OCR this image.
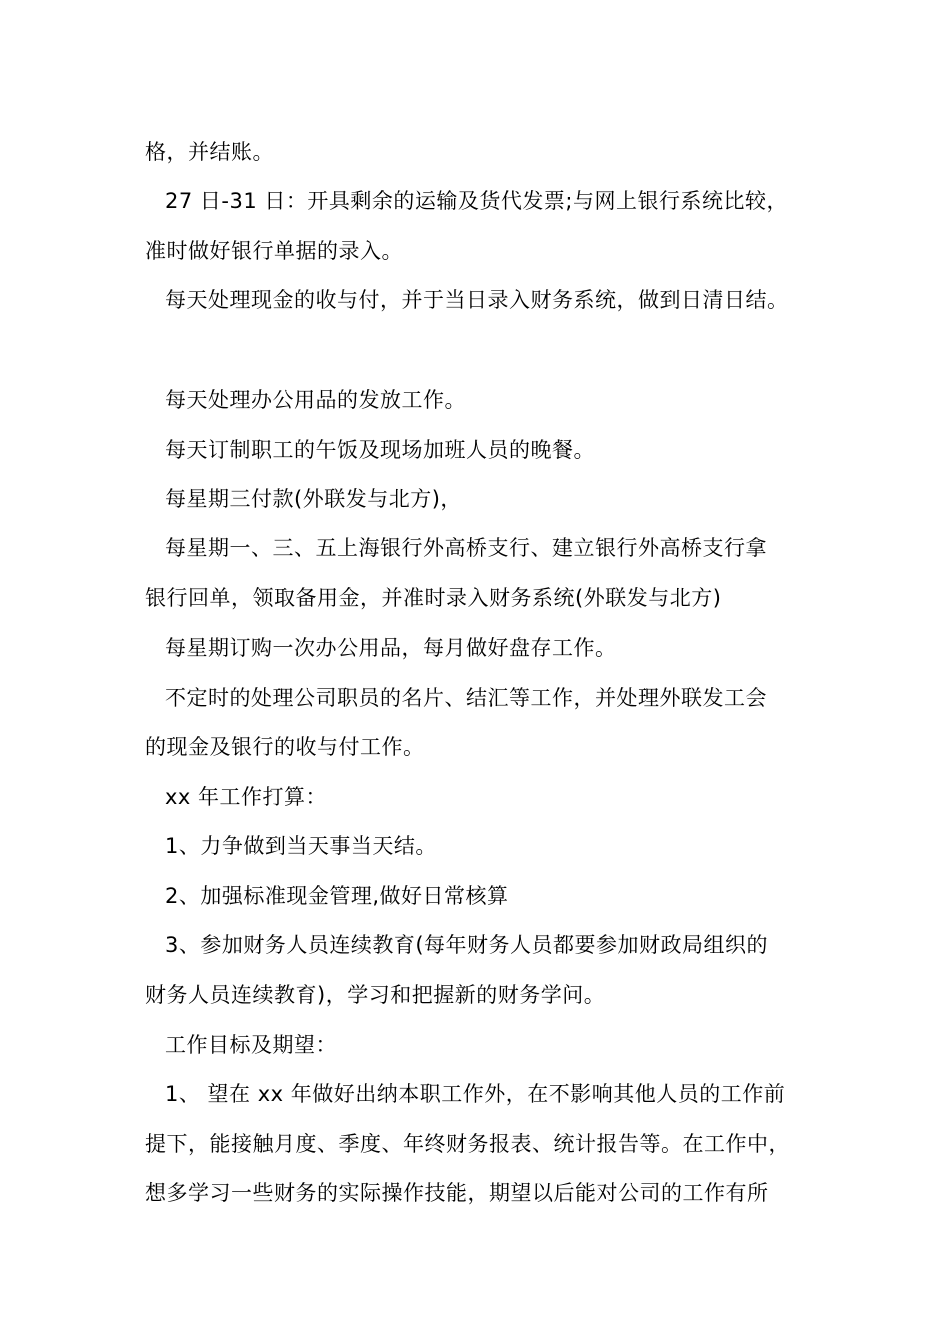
格，并结账。
27 日-31 日：开具剩余的运输及货代发票;与网上银行系统比较，
准时做好银行单据的录入。
每天处理现金的收与付，并于当日录入财务系统，做到日清日结。
每天处理办公用品的发放工作。
每天订制职工的午饭及现场加班人员的晚餐。
每星期三付款(外联发与北方)，
每星期一、三、五上海银行外高桥支行、建立银行外高桥支行拿
银行回单，领取备用金，并准时录入财务系统(外联发与北方)
每星期订购一次办公用品，每月做好盘存工作。
不定时的处理公司职员的名片、结汇等工作，并处理外联发工会
的现金及银行的收与付工作。
xx 年工作打算：
1、力争做到当天事当天结。
2、加强标准现金管理,做好日常核算
3、参加财务人员连续教育(每年财务人员都要参加财政局组织的
财务人员连续教育)，学习和把握新的财务学问。
工作目标及期望：
1、 望在 xx 年做好出纳本职工作外，在不影响其他人员的工作前
提下，能接触月度、季度、年终财务报表、统计报告等。在工作中，
想多学习一些财务的实际操作技能，期望以后能对公司的工作有所
